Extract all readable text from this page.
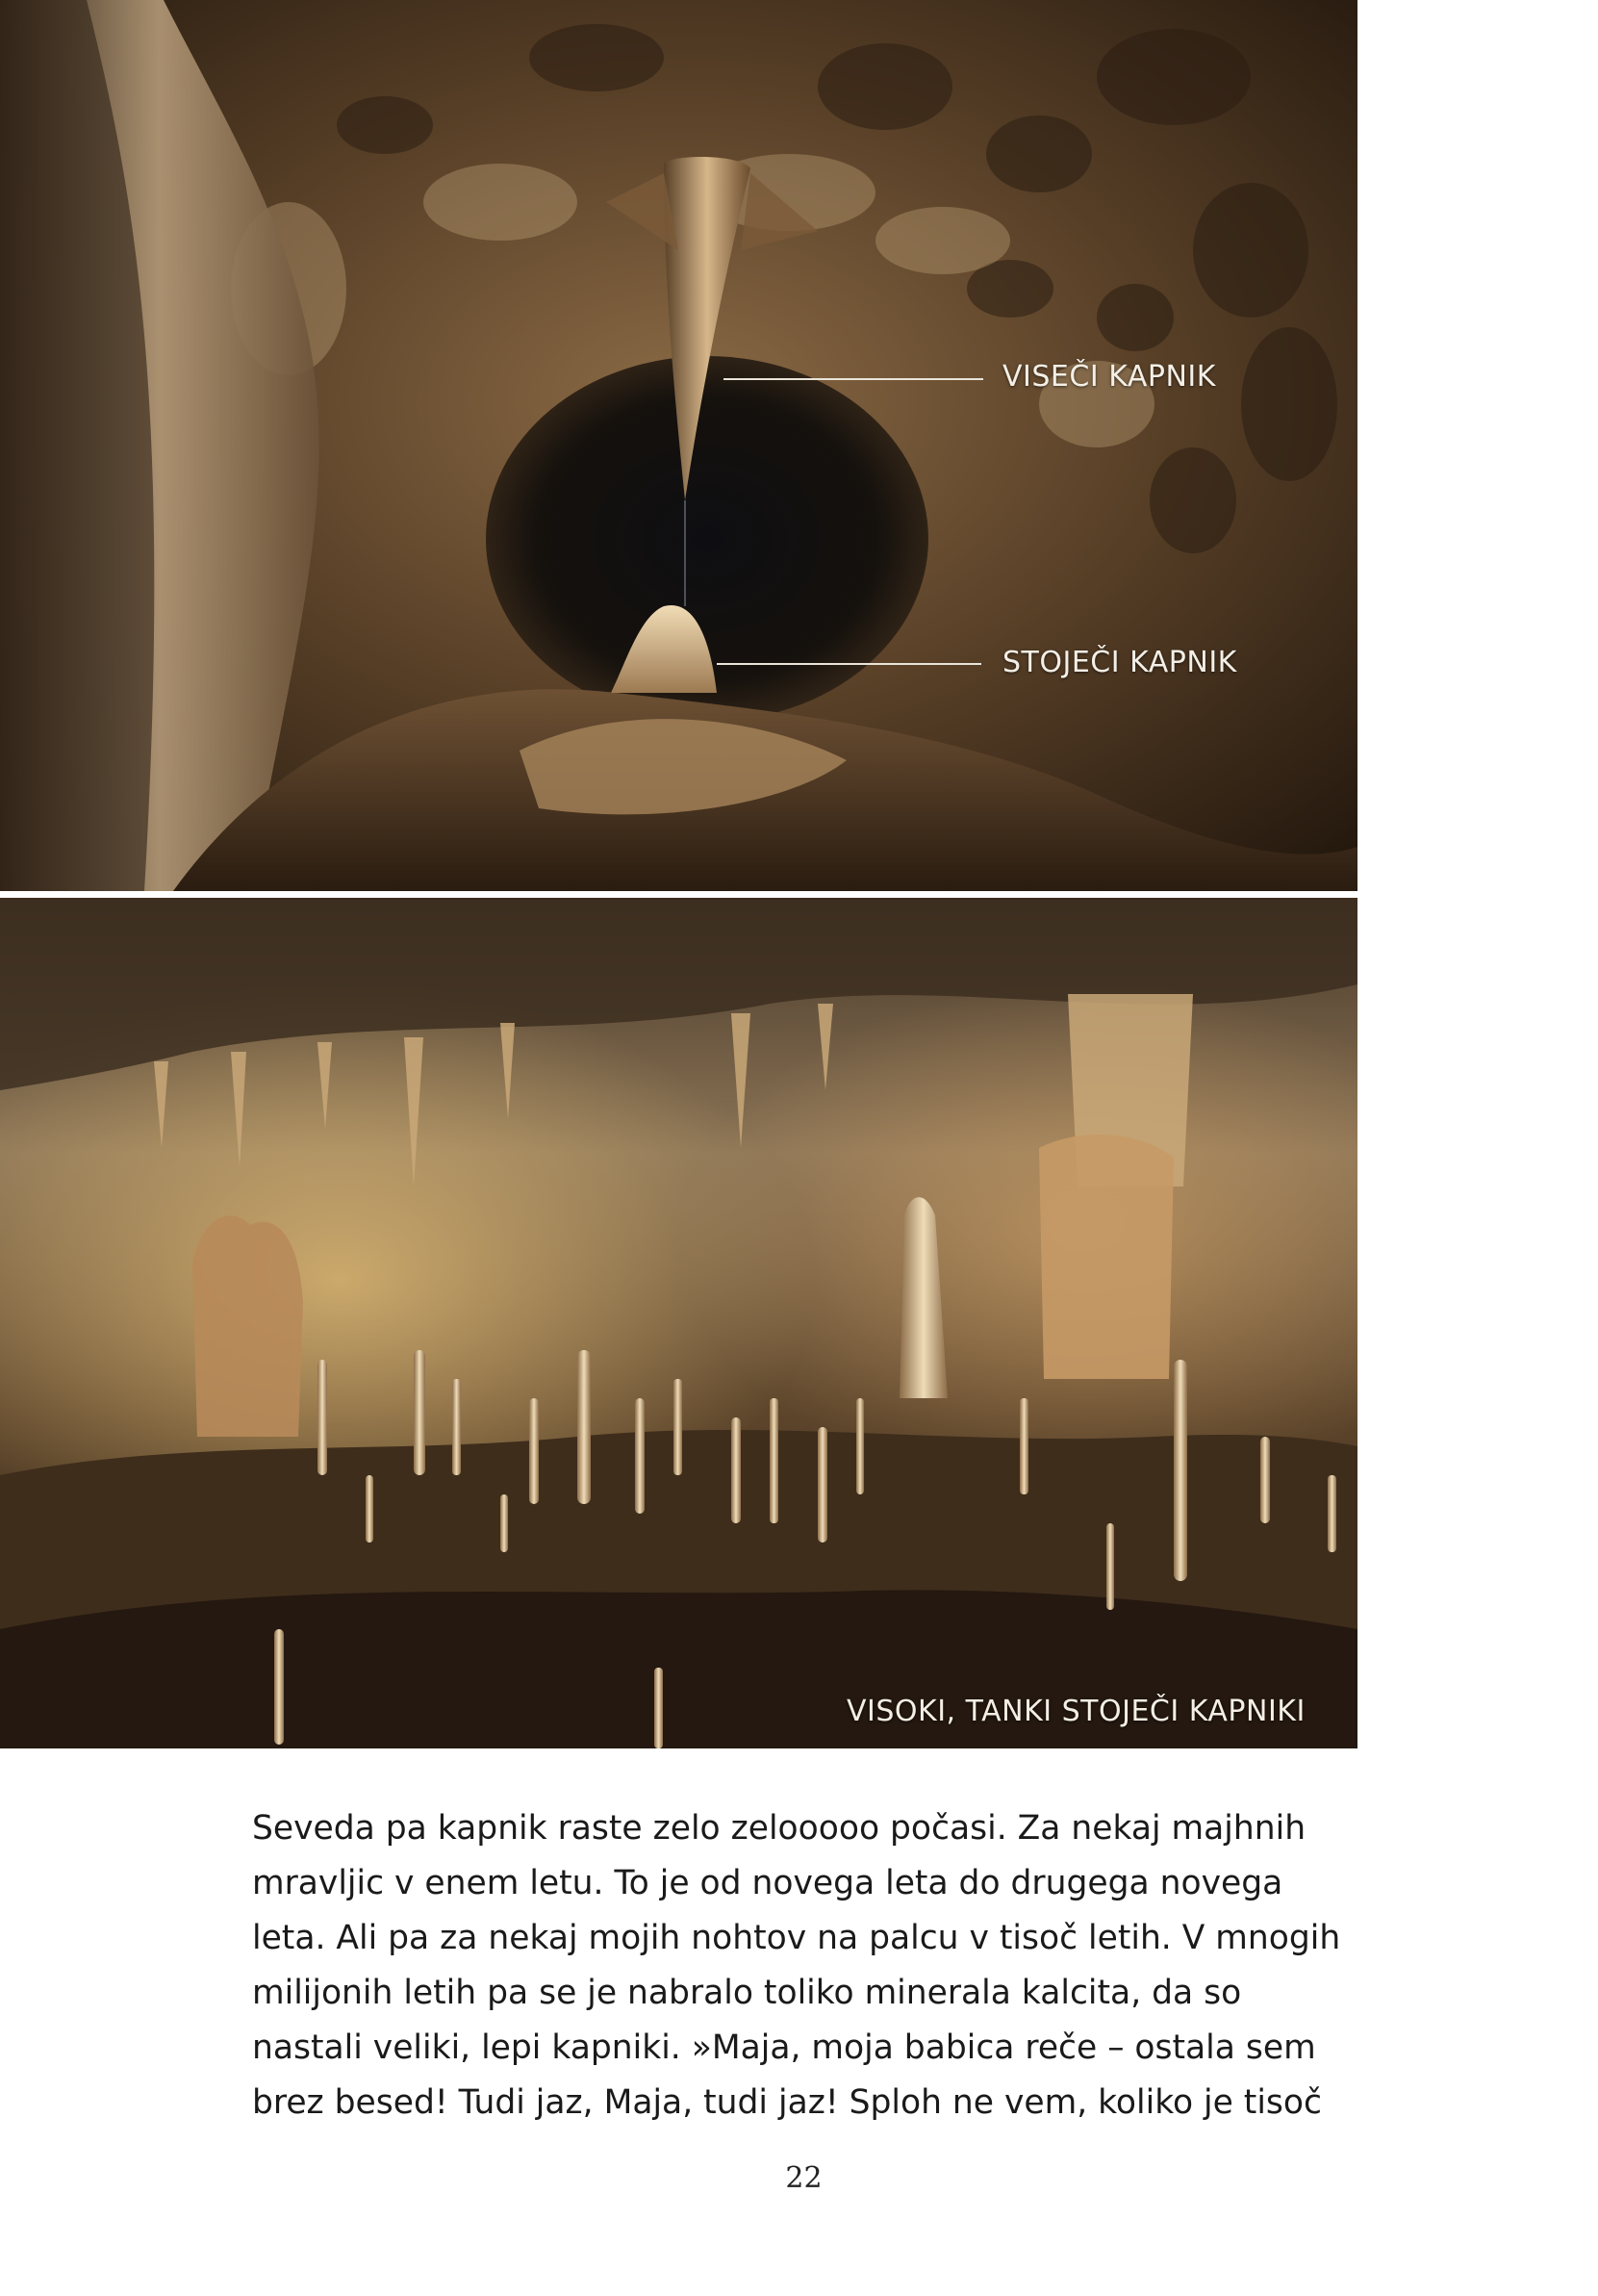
VISEČI KAPNIK
STOJEČI KAPNIK
VISOKI, TANKI STOJEČI KAPNIKI
Seveda pa kapnik raste zelo zelooooo počasi. Za nekaj majhnih
mravljic v enem letu. To je od novega leta do drugega novega
leta. Ali pa za nekaj mojih nohtov na palcu v tisoč letih. V mnogih
milijonih letih pa se je nabralo toliko minerala kalcita, da so
nastali veliki, lepi kapniki. »Maja, moja babica reče – ostala sem
brez besed! Tudi jaz, Maja, tudi jaz! Sploh ne vem, koliko je tisoč
22
